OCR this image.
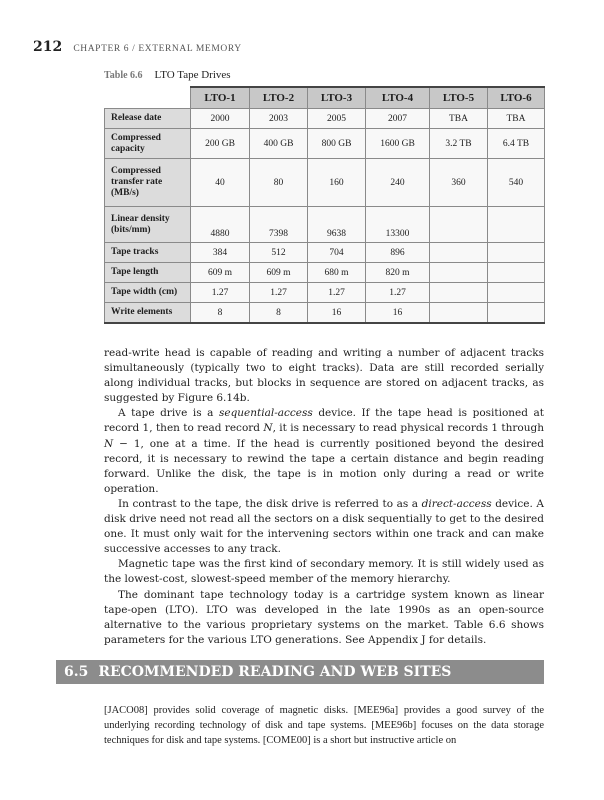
212 CHAPTER 6 / EXTERNAL MEMORY
Table 6.6 LTO Tape Drives
	LTO-1	LTO-2	LTO-3	LTO-4	LTO-5	LTO-6
Release date	2000	2003	2005	2007	TBA	TBA
Compressed capacity	200 GB	400 GB	800 GB	1600 GB	3.2 TB	6.4 TB
Compressed transfer rate (MB/s)	40	80	160	240	360	540
Linear density (bits/mm)	4880	7398	9638	13300		
Tape tracks	384	512	704	896		
Tape length	609 m	609 m	680 m	820 m		
Tape width (cm)	1.27	1.27	1.27	1.27		
Write elements	8	8	16	16		

read-write head is capable of reading and writing a number of adjacent tracks simultaneously (typically two to eight tracks). Data are still recorded serially along individual tracks, but blocks in sequence are stored on adjacent tracks, as suggested by Figure 6.14b.

A tape drive is a sequential-access device. If the tape head is positioned at record 1, then to read record N, it is necessary to read physical records 1 through N − 1, one at a time. If the head is currently positioned beyond the desired record, it is necessary to rewind the tape a certain distance and begin reading forward. Unlike the disk, the tape is in motion only during a read or write operation.

In contrast to the tape, the disk drive is referred to as a direct-access device. A disk drive need not read all the sectors on a disk sequentially to get to the desired one. It must only wait for the intervening sectors within one track and can make successive accesses to any track.

Magnetic tape was the first kind of secondary memory. It is still widely used as the lowest-cost, slowest-speed member of the memory hierarchy.

The dominant tape technology today is a cartridge system known as linear tape-open (LTO). LTO was developed in the late 1990s as an open-source alternative to the various proprietary systems on the market. Table 6.6 shows parameters for the various LTO generations. See Appendix J for details.

6.5 RECOMMENDED READING AND WEB SITES

[JACO08] provides solid coverage of magnetic disks. [MEE96a] provides a good survey of the underlying recording technology of disk and tape systems. [MEE96b] focuses on the data storage techniques for disk and tape systems. [COME00] is a short but instructive article on
